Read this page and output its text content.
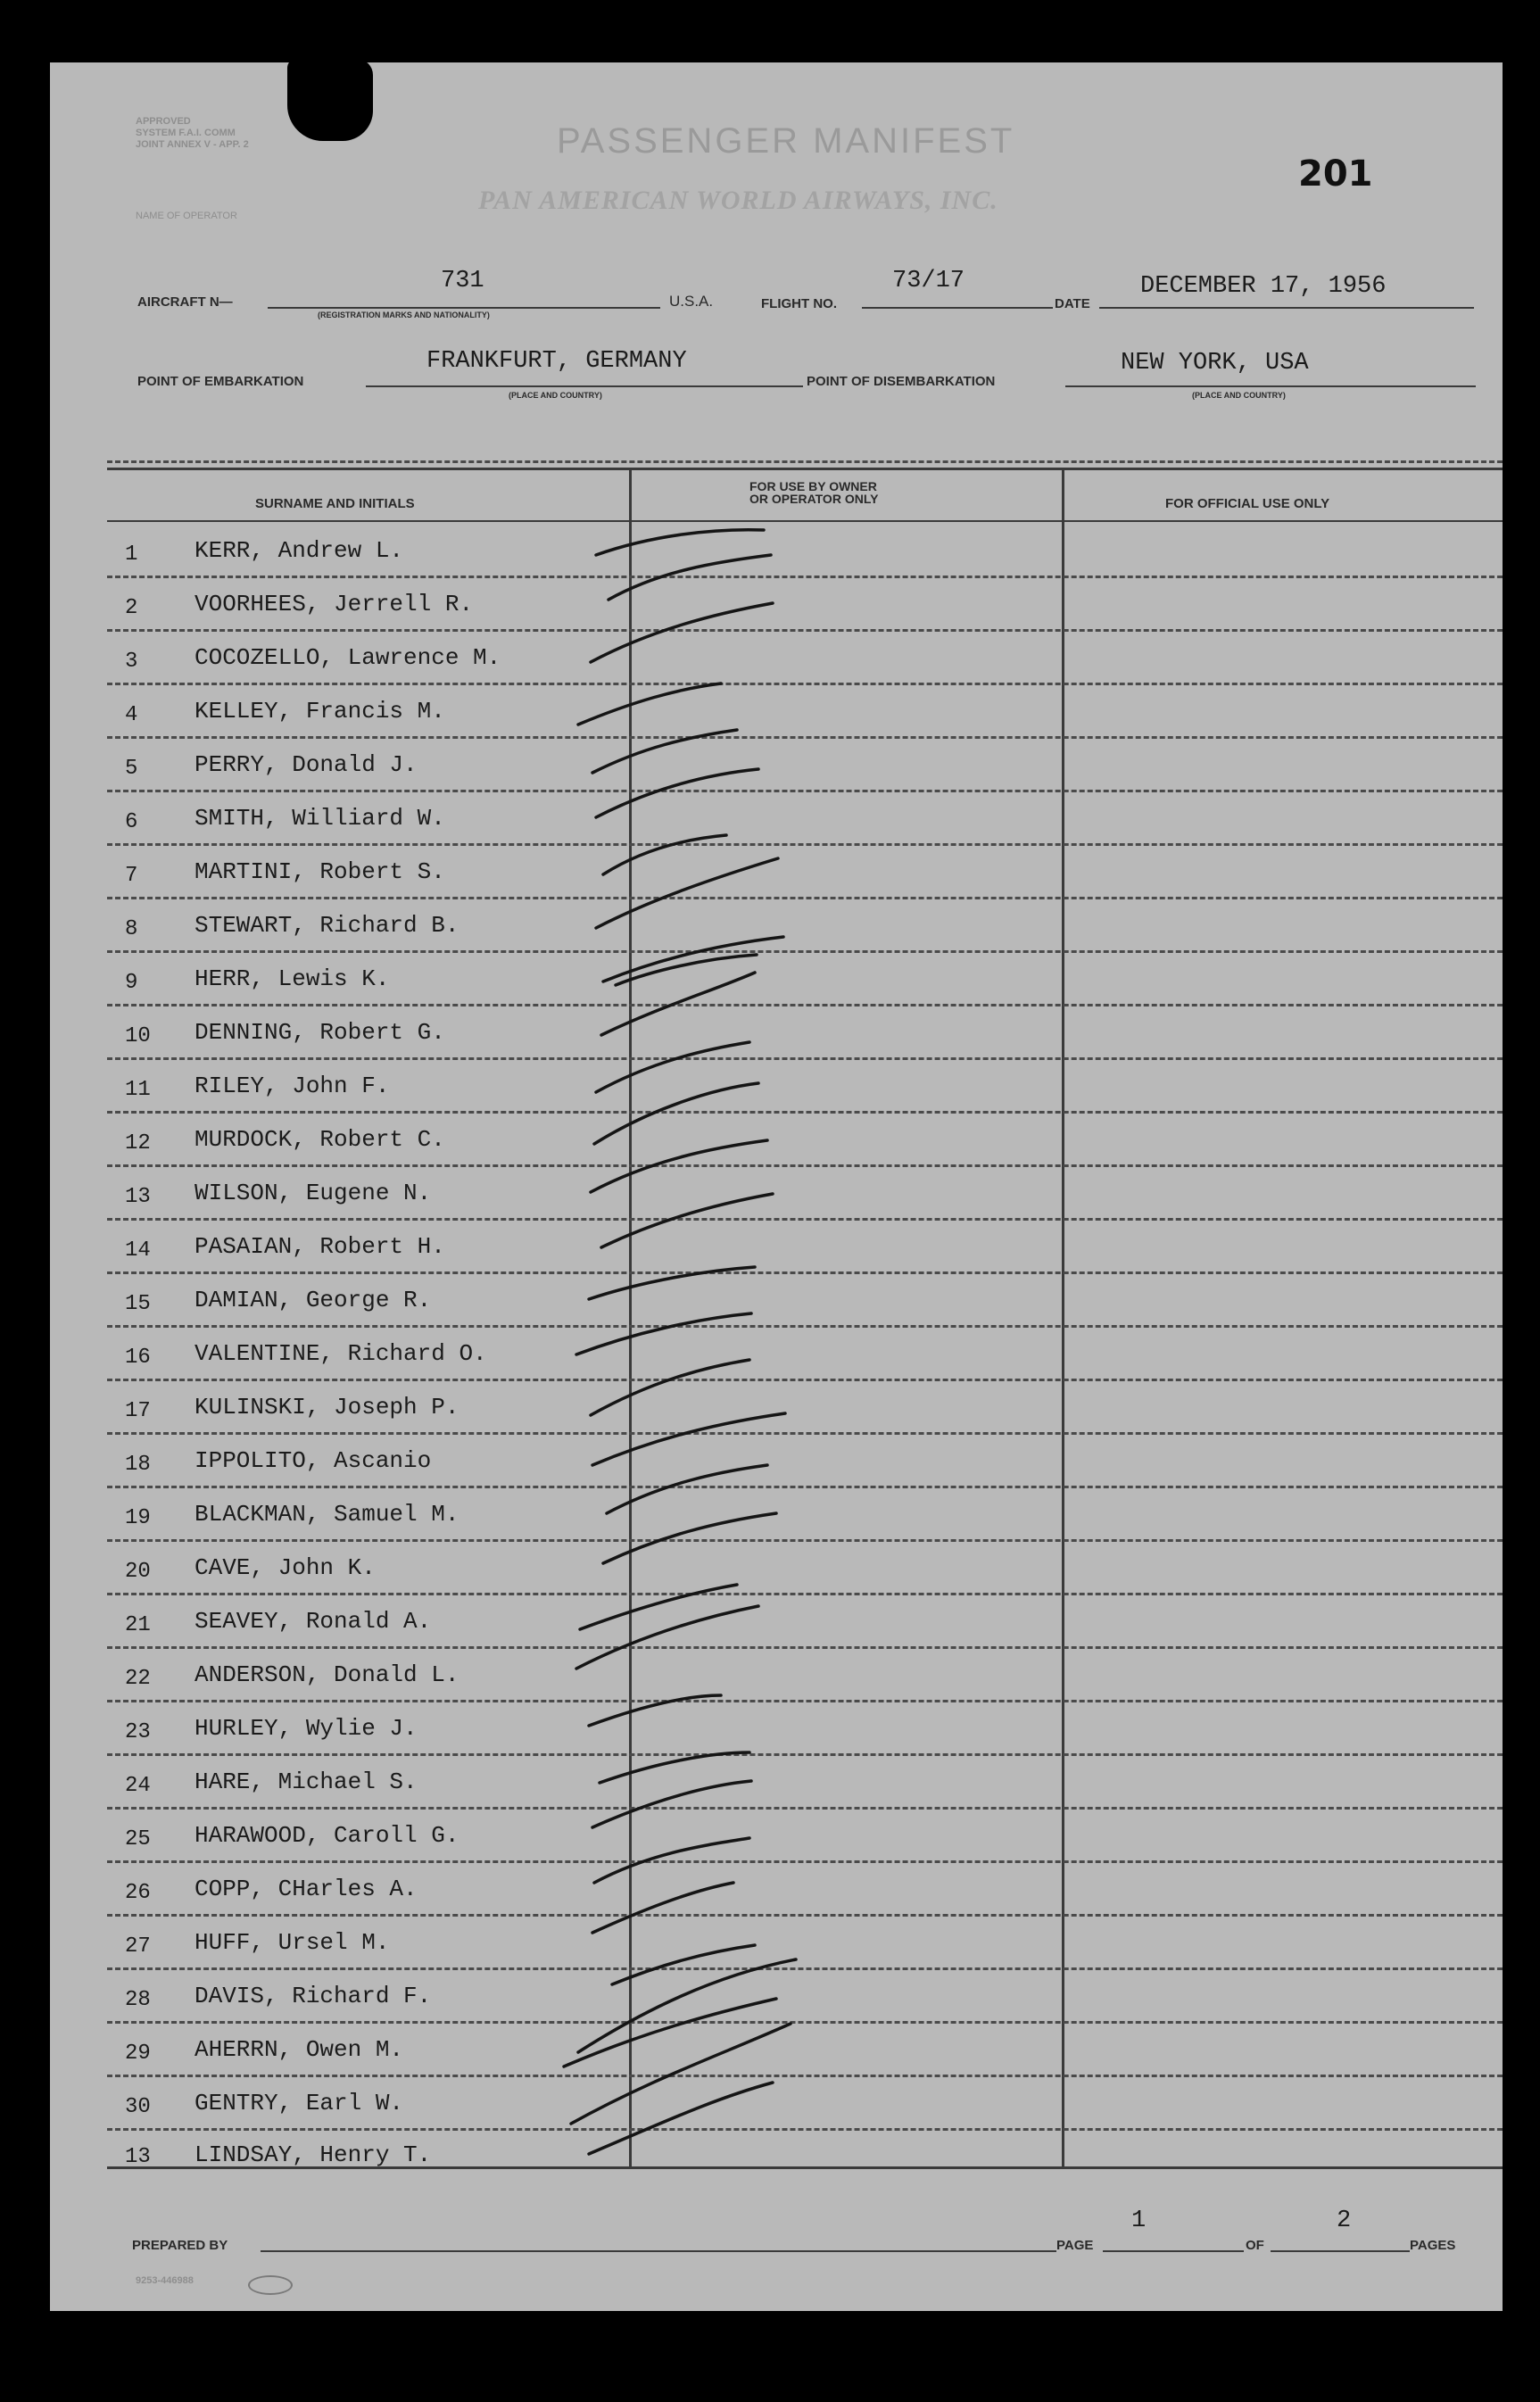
APPROVED
SYSTEM F.A.I. COMM
JOINT ANNEX V - APP. 2
NAME OF OPERATOR
PASSENGER MANIFEST
PAN AMERICAN WORLD AIRWAYS, INC.
201
AIRCRAFT N—
731
(REGISTRATION MARKS AND NATIONALITY)
U.S.A.	FLIGHT NO.
73/17
DATE
DECEMBER 17, 1956
POINT OF EMBARKATION
FRANKFURT, GERMANY
(PLACE AND COUNTRY)
POINT OF DISEMBARKATION
NEW YORK, USA
(PLACE AND COUNTRY)
SURNAME AND INITIALS
FOR USE BY OWNER
OR OPERATOR ONLY	FOR OFFICIAL USE ONLY
1	KERR, Andrew L.
2	VOORHEES, Jerrell R.
3	COCOZELLO, Lawrence M.
4	KELLEY, Francis M.
5	PERRY, Donald J.
6	SMITH, Williard W.
7	MARTINI, Robert S.
8	STEWART, Richard B.
9	HERR, Lewis K.
10	DENNING, Robert G.
11	RILEY, John F.
12	MURDOCK, Robert C.
13	WILSON, Eugene N.
14	PASAIAN, Robert H.
15	DAMIAN, George R.
16	VALENTINE, Richard O.
17	KULINSKI, Joseph P.
18	IPPOLITO, Ascanio
19	BLACKMAN, Samuel M.
20	CAVE, John K.
21	SEAVEY, Ronald A.
22	ANDERSON, Donald L.
23	HURLEY, Wylie J.
24	HARE, Michael S.
25	HARAWOOD, Caroll G.
26	COPP, CHarles A.
27	HUFF, Ursel M.
28	DAVIS, Richard F.
29	AHERRN, Owen M.
30	GENTRY, Earl W.
13	LINDSAY, Henry T.
PREPARED BY	PAGE
1
OF
2
PAGES
9253-446988
